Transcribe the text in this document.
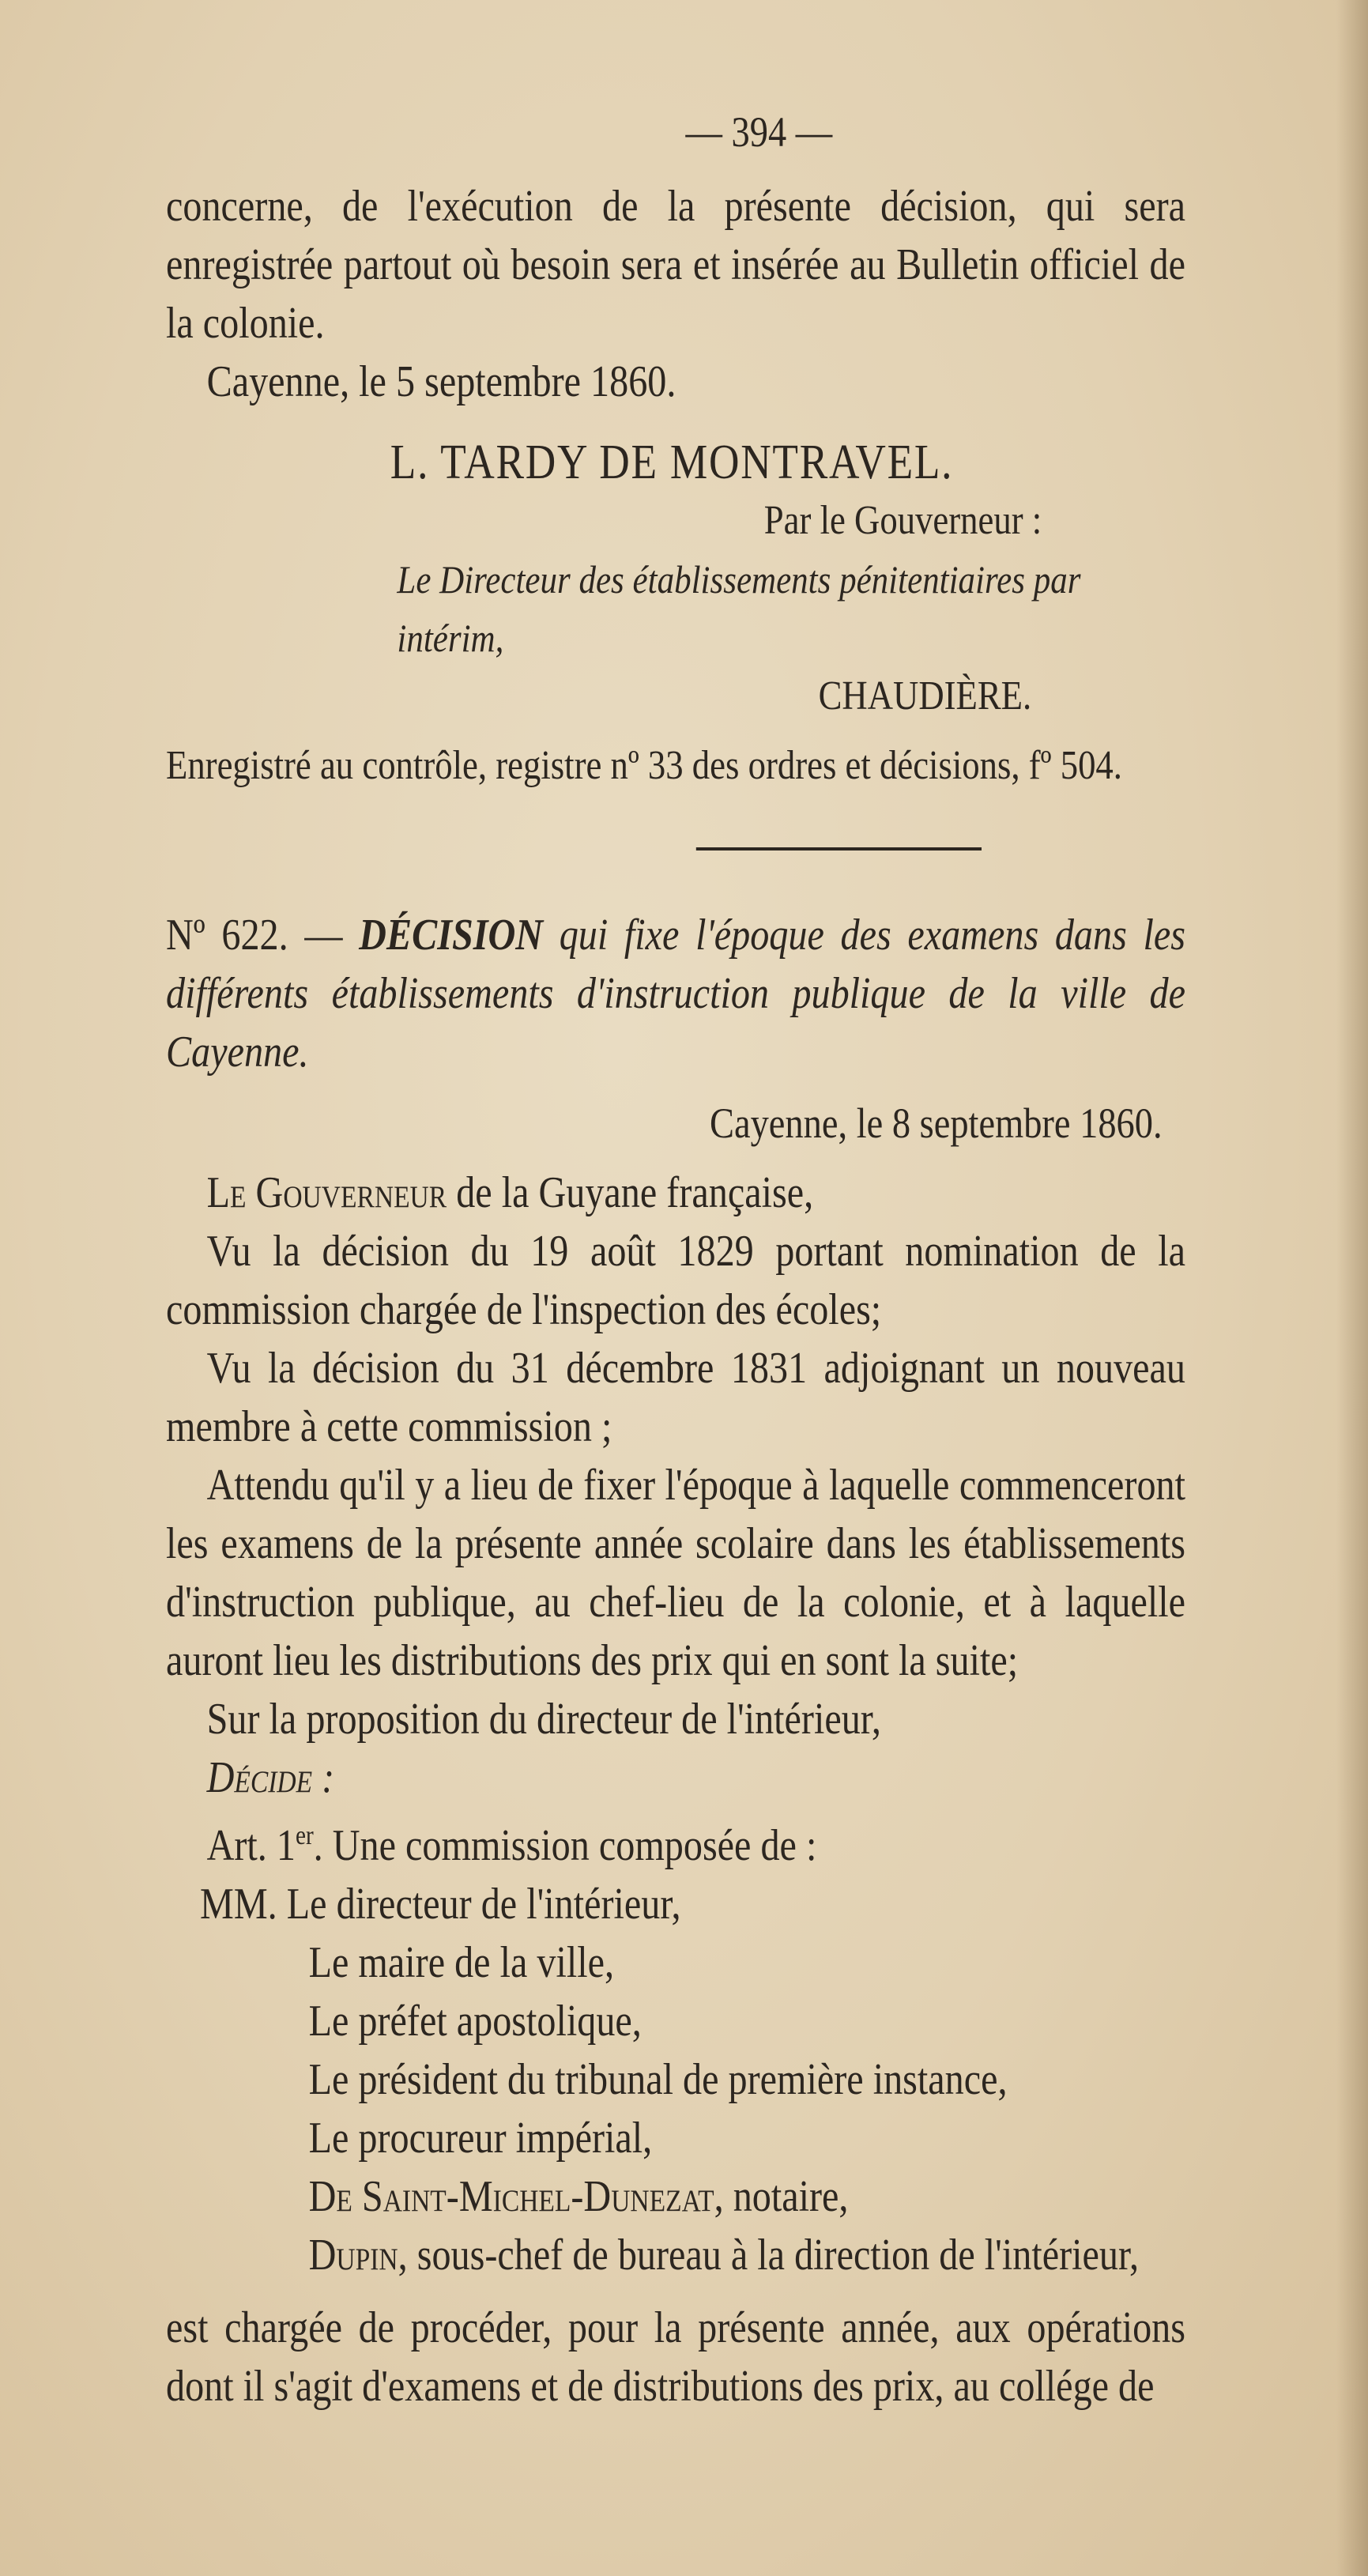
— 394 —

concerne, de l'exécution de la présente décision, qui sera enregistrée partout où besoin sera et insérée au Bulletin officiel de la colonie.

Cayenne, le 5 septembre 1860.

L. TARDY DE MONTRAVEL.

Par le Gouverneur :

Le Directeur des établissements pénitentiaires par intérim,

CHAUDIÈRE.

Enregistré au contrôle, registre nº 33 des ordres et décisions, fº 504.

Nº 622. — DÉCISION qui fixe l'époque des examens dans les différents établissements d'instruction publique de la ville de Cayenne.

Cayenne, le 8 septembre 1860.

Le Gouverneur de la Guyane française,

Vu la décision du 19 août 1829 portant nomination de la commission chargée de l'inspection des écoles;

Vu la décision du 31 décembre 1831 adjoignant un nouveau membre à cette commission ;

Attendu qu'il y a lieu de fixer l'époque à laquelle commenceront les examens de la présente année scolaire dans les établissements d'instruction publique, au chef-lieu de la colonie, et à laquelle auront lieu les distributions des prix qui en sont la suite;

Sur la proposition du directeur de l'intérieur,

Décide :

Art. 1er. Une commission composée de :

MM. Le directeur de l'intérieur,

Le maire de la ville,

Le préfet apostolique,

Le président du tribunal de première instance,

Le procureur impérial,

De Saint-Michel-Dunezat, notaire,

Dupin, sous-chef de bureau à la direction de l'intérieur,

est chargée de procéder, pour la présente année, aux opérations dont il s'agit d'examens et de distributions des prix, au collége de
